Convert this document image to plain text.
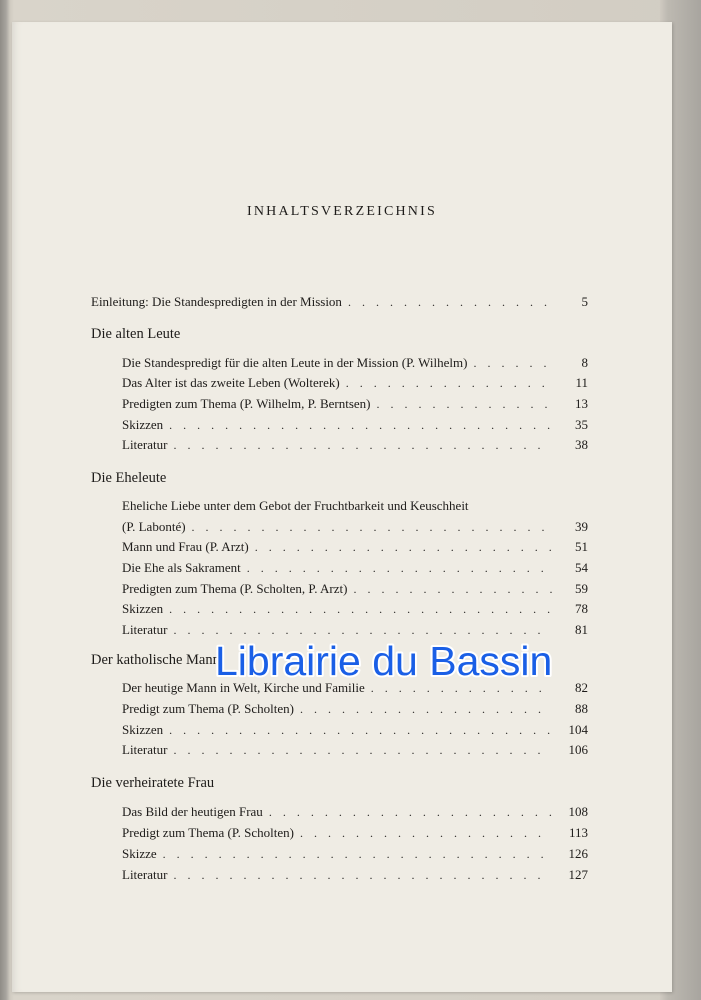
INHALTSVERZEICHNIS
Einleitung: Die Standespredigten in der Mission . . .	5
Die alten Leute
Die Standespredigt für die alten Leute in der Mission (P. Wilhelm) . . .	8
Das Alter ist das zweite Leben (Wolterek) . . .	11
Predigten zum Thema (P. Wilhelm, P. Berntsen) . . .	13
Skizzen . . .	35
Literatur . . .	38
Die Eheleute
Eheliche Liebe unter dem Gebot der Fruchtbarkeit und Keuschheit
(P. Labonté) . . .	39
Mann und Frau (P. Arzt) . . .	51
Die Ehe als Sakrament . . .	54
Predigten zum Thema (P. Scholten, P. Arzt) . . .	59
Skizzen . . .	78
Literatur . . .	81
Der katholische Mann
Der heutige Mann in Welt, Kirche und Familie . . .	82
Predigt zum Thema (P. Scholten) . . .	88
Skizzen . . .	104
Literatur . . .	106
Die verheiratete Frau
Das Bild der heutigen Frau . . .	108
Predigt zum Thema (P. Scholten) . . .	113
Skizze . . .	126
Literatur . . .	127
Librairie du Bassin
